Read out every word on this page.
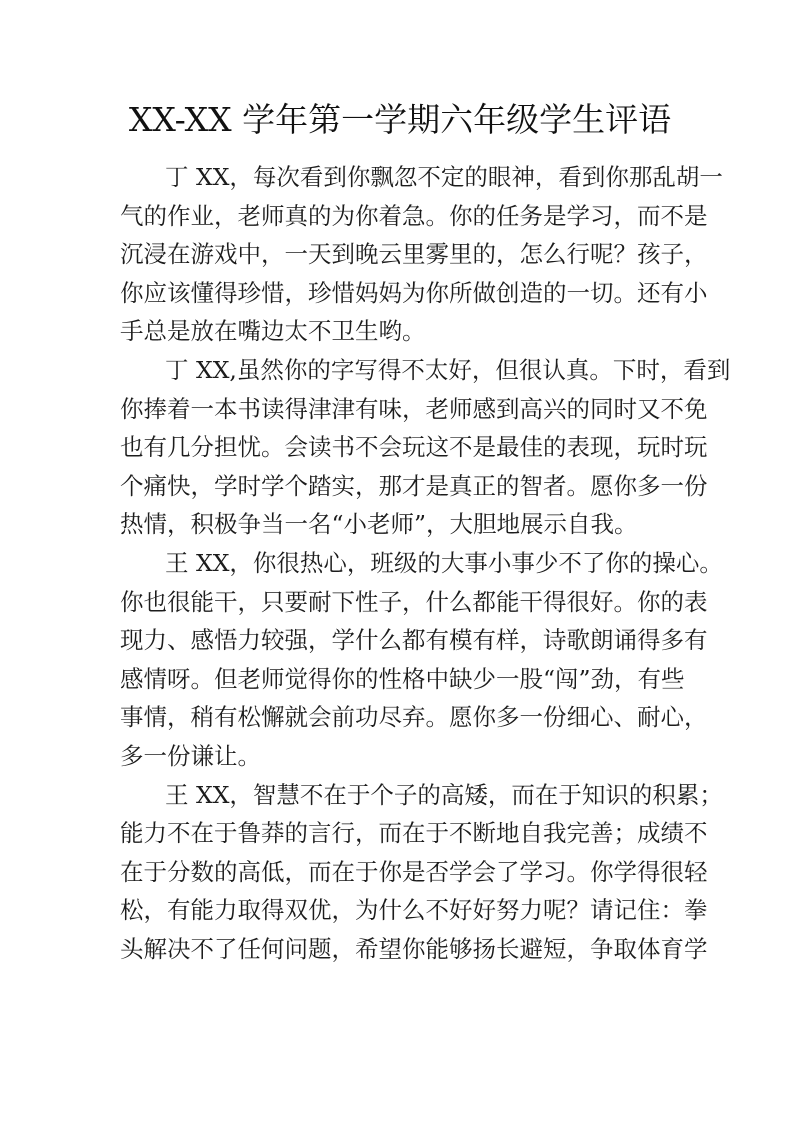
XX-XX 学年第一学期六年级学生评语
丁 XX，每次看到你飘忽不定的眼神，看到你那乱胡一
气的作业，老师真的为你着急。你的任务是学习，而不是
沉浸在游戏中，一天到晚云里雾里的，怎么行呢？孩子，
你应该懂得珍惜，珍惜妈妈为你所做创造的一切。还有小
手总是放在嘴边太不卫生哟。
丁 XX,虽然你的字写得不太好，但很认真。下时，看到
你捧着一本书读得津津有味，老师感到高兴的同时又不免
也有几分担忧。会读书不会玩这不是最佳的表现，玩时玩
个痛快，学时学个踏实，那才是真正的智者。愿你多一份
热情，积极争当一名“小老师”，大胆地展示自我。
王 XX，你很热心，班级的大事小事少不了你的操心。
你也很能干，只要耐下性子，什么都能干得很好。你的表
现力、感悟力较强，学什么都有模有样，诗歌朗诵得多有
感情呀。但老师觉得你的性格中缺少一股“闯”劲，有些
事情，稍有松懈就会前功尽弃。愿你多一份细心、耐心，
多一份谦让。
王 XX，智慧不在于个子的高矮，而在于知识的积累；
能力不在于鲁莽的言行，而在于不断地自我完善；成绩不
在于分数的高低，而在于你是否学会了学习。你学得很轻
松，有能力取得双优，为什么不好好努力呢？请记住：拳
头解决不了任何问题，希望你能够扬长避短，争取体育学
